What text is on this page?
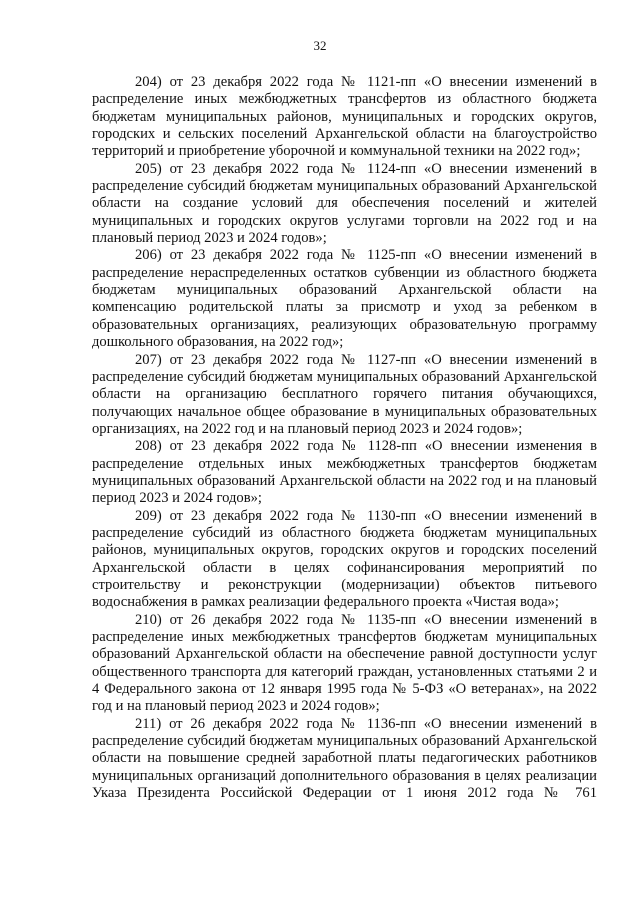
32

204) от 23 декабря 2022 года № 1121-пп «О внесении изменений в распределение иных межбюджетных трансфертов из областного бюджета бюджетам муниципальных районов, муниципальных и городских округов, городских и сельских поселений Архангельской области на благоустройство территорий и приобретение уборочной и коммунальной техники на 2022 год»;

205) от 23 декабря 2022 года № 1124-пп «О внесении изменений в распределение субсидий бюджетам муниципальных образований Архангельской области на создание условий для обеспечения поселений и жителей муниципальных и городских округов услугами торговли на 2022 год и на плановый период 2023 и 2024 годов»;

206) от 23 декабря 2022 года № 1125-пп «О внесении изменений в распределение нераспределенных остатков субвенции из областного бюджета бюджетам муниципальных образований Архангельской области на компенсацию родительской платы за присмотр и уход за ребенком в образовательных организациях, реализующих образовательную программу дошкольного образования, на 2022 год»;

207) от 23 декабря 2022 года № 1127-пп «О внесении изменений в распределение субсидий бюджетам муниципальных образований Архангельской области на организацию бесплатного горячего питания обучающихся, получающих начальное общее образование в муниципальных образовательных организациях, на 2022 год и на плановый период 2023 и 2024 годов»;

208) от 23 декабря 2022 года № 1128-пп «О внесении изменения в распределение отдельных иных межбюджетных трансфертов бюджетам муниципальных образований Архангельской области на 2022 год и на плановый период 2023 и 2024 годов»;

209) от 23 декабря 2022 года № 1130-пп «О внесении изменений в распределение субсидий из областного бюджета бюджетам муниципальных районов, муниципальных округов, городских округов и городских поселений Архангельской области в целях софинансирования мероприятий по строительству и реконструкции (модернизации) объектов питьевого водоснабжения в рамках реализации федерального проекта «Чистая вода»;

210) от 26 декабря 2022 года № 1135-пп «О внесении изменений в распределение иных межбюджетных трансфертов бюджетам муниципальных образований Архангельской области на обеспечение равной доступности услуг общественного транспорта для категорий граждан, установленных статьями 2 и 4 Федерального закона от 12 января 1995 года № 5-ФЗ «О ветеранах», на 2022 год и на плановый период 2023 и 2024 годов»;

211) от 26 декабря 2022 года № 1136-пп «О внесении изменений в распределение субсидий бюджетам муниципальных образований Архангельской области на повышение средней заработной платы педагогических работников муниципальных организаций дополнительного образования в целях реализации Указа Президента Российской Федерации от 1 июня 2012 года № 761
